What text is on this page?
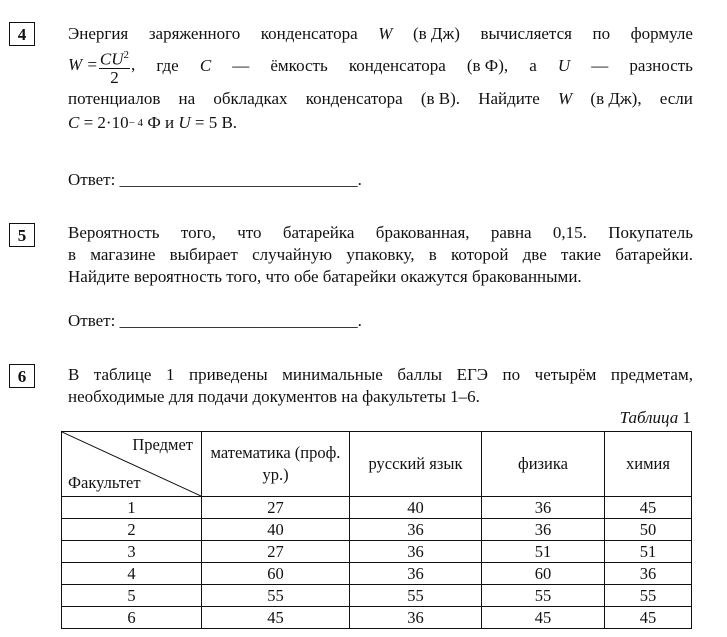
4	Энергия заряженного конденсатора W (в Дж) вычисляется по формуле
$W = \frac{CU^2}{2}$ , где C — ёмкость конденсатора (в Ф), а U — разность
потенциалов на обкладках конденсатора (в В). Найдите W (в Дж), если
C = 2·10 − 4 Ф и U = 5 В.
Ответ: ____________________________.
5	Вероятность того, что батарейка бракованная, равна 0,15. Покупатель
в магазине выбирает случайную упаковку, в которой две такие батарейки.
Найдите вероятность того, что обе батарейки окажутся бракованными.
Ответ: ____________________________.
6	В таблице 1 приведены минимальные баллы ЕГЭ по четырём предметам,
необходимые для подачи документов на факультеты 1–6.
Таблица 1
Предмет
Факультет	математика (проф. ур.)	русский язык	физика	химия
1	27	40	36	45
2	40	36	36	50
3	27	36	51	51
4	60	36	60	36
5	55	55	55	55
6	45	36	45	45
